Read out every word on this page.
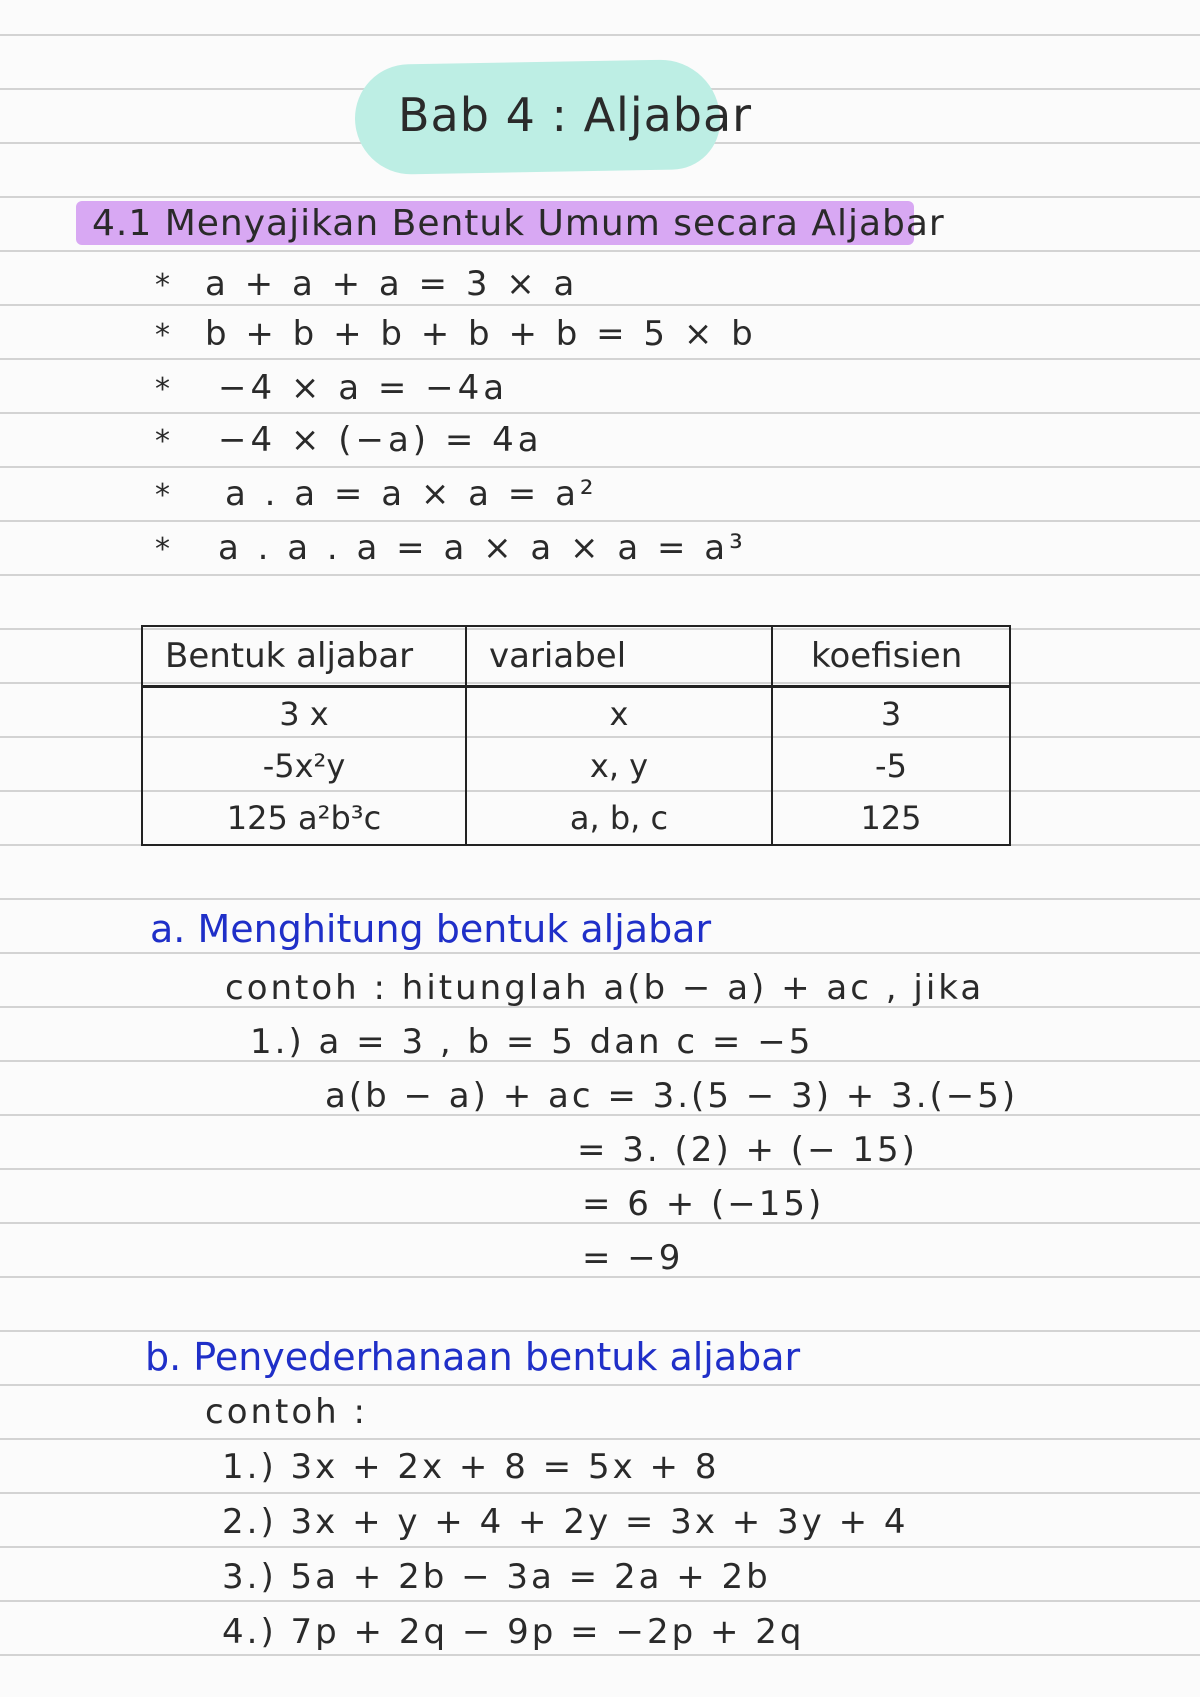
Bab 4 : Aljabar
4.1 Menyajikan Bentuk Umum secara Aljabar
* a + a + a = 3 × a
* b + b + b + b + b = 5 × b
* −4 × a = −4a
* −4 × (−a) = 4a
* a . a = a × a = a²
* a . a . a = a × a × a = a³
Bentuk aljabar	variabel	koefisien
3 x	x	3
-5x²y	x, y	-5
125 a²b³c	a, b, c	125
a. Menghitung bentuk aljabar
contoh : hitunglah a(b − a) + ac , jika
1.) a = 3 , b = 5 dan c = −5
a(b − a) + ac = 3.(5 − 3) + 3.(−5)
= 3. (2) + (− 15)
= 6 + (−15)
= −9
b. Penyederhanaan bentuk aljabar
contoh :
1.) 3x + 2x + 8 = 5x + 8
2.) 3x + y + 4 + 2y = 3x + 3y + 4
3.) 5a + 2b − 3a = 2a + 2b
4.) 7p + 2q − 9p = −2p + 2q
